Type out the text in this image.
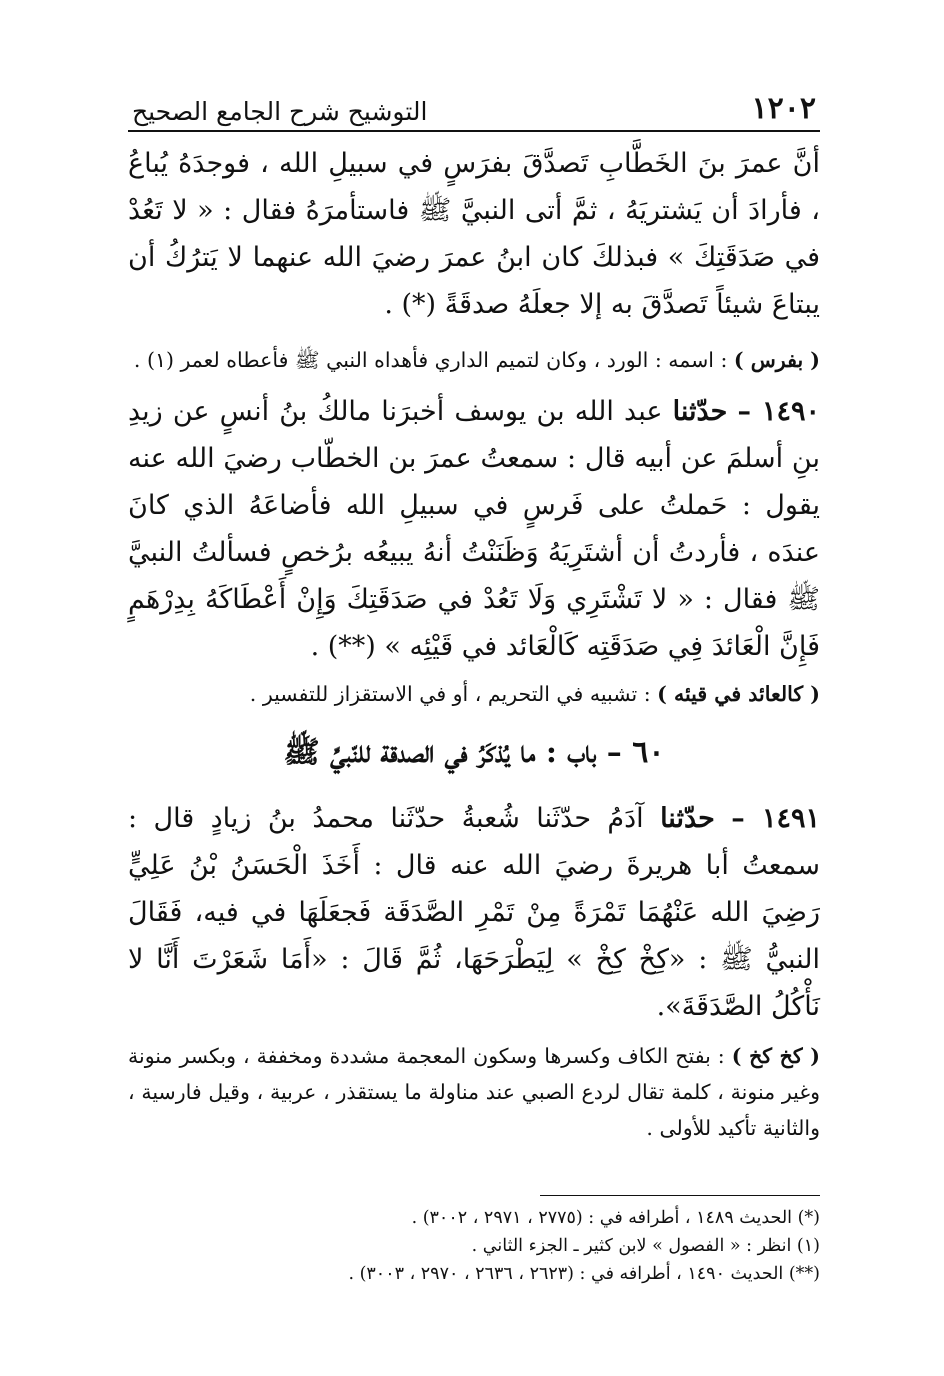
١٢٠٢
التوشيح شرح الجامع الصحيح

أنَّ عمرَ بنَ الخَطَّابِ تَصدَّقَ بفرَسٍ في سبيلِ الله ، فوجدَهُ يُباعُ ، فأرادَ أن يَشتريَهُ ، ثمَّ أتى النبيَّ ﷺ فاستأمرَهُ فقال : « لا تَعُدْ في صَدَقَتِكَ » فبذلكَ كان ابنُ عمرَ رضيَ الله عنهما لا يَترُكُ أن يبتاعَ شيئاً تَصدَّقَ به إلا جعلَهُ صدقَةً (*) .

( بفرس ) : اسمه : الورد ، وكان لتميم الداري فأهداه النبي ﷺ فأعطاه لعمر (١) .

١٤٩٠ – حدّثنا عبد الله بن يوسف أخبرَنا مالكُ بنُ أنسٍ عن زيدِ بنِ أسلمَ عن أبيه قال : سمعتُ عمرَ بن الخطّاب رضيَ الله عنه يقول : حَملتُ على فَرسٍ في سبيلِ الله فأضاعَهُ الذي كانَ عندَه ، فأردتُ أن أشتَرِيَهُ وَظَنَنْتُ أنهُ يبيعُه برُخصٍ فسألتُ النبيَّ ﷺ فقال : « لا تَشْتَرِي وَلَا تَعُدْ في صَدَقَتِكَ وَإِنْ أَعْطَاكَهُ بِدِرْهَمٍ فَإِنَّ الْعَائدَ فِي صَدَقَتِه كَالْعَائد في قَيْئِه » (**) .

( كالعائد في قيئه ) : تشبيه في التحريم ، أو في الاستقزاز للتفسير .

٦٠ – باب : ما يُذكَرُ في الصدقة للنّبيِّ ﷺ

١٤٩١ – حدّثنا آدَمُ حدّثَنا شُعبةُ حدّثَنا محمدُ بنُ زيادٍ قال : سمعتُ أبا هريرةَ رضيَ الله عنه قال : أَخَذَ الْحَسَنُ بْنُ عَلِيٍّ رَضِيَ الله عَنْهُمَا تَمْرَةً مِنْ تَمْرِ الصَّدَقَة فَجعَلَهَا في فيه، فَقَالَ النبيُّ ﷺ : «كِخْ كِخْ » لِيَطْرَحَهَا، ثُمَّ قَالَ : «أَمَا شَعَرْتَ أَنَّا لا نَأْكُلُ الصَّدَقَةَ».

( كخ كخ ) : بفتح الكاف وكسرها وسكون المعجمة مشددة ومخففة ، وبكسر منونة وغير منونة ، كلمة تقال لردع الصبي عند مناولة ما يستقذر ، عربية ، وقيل فارسية ، والثانية تأكيد للأولى .

(*) الحديث ١٤٨٩ ، أطرافه في : (٢٧٧٥ ، ٢٩٧١ ، ٣٠٠٢) .
(١) انظر : « الفصول » لابن كثير ـ الجزء الثاني .
(**) الحديث ١٤٩٠ ، أطرافه في : (٢٦٢٣ ، ٢٦٣٦ ، ٢٩٧٠ ، ٣٠٠٣) .
